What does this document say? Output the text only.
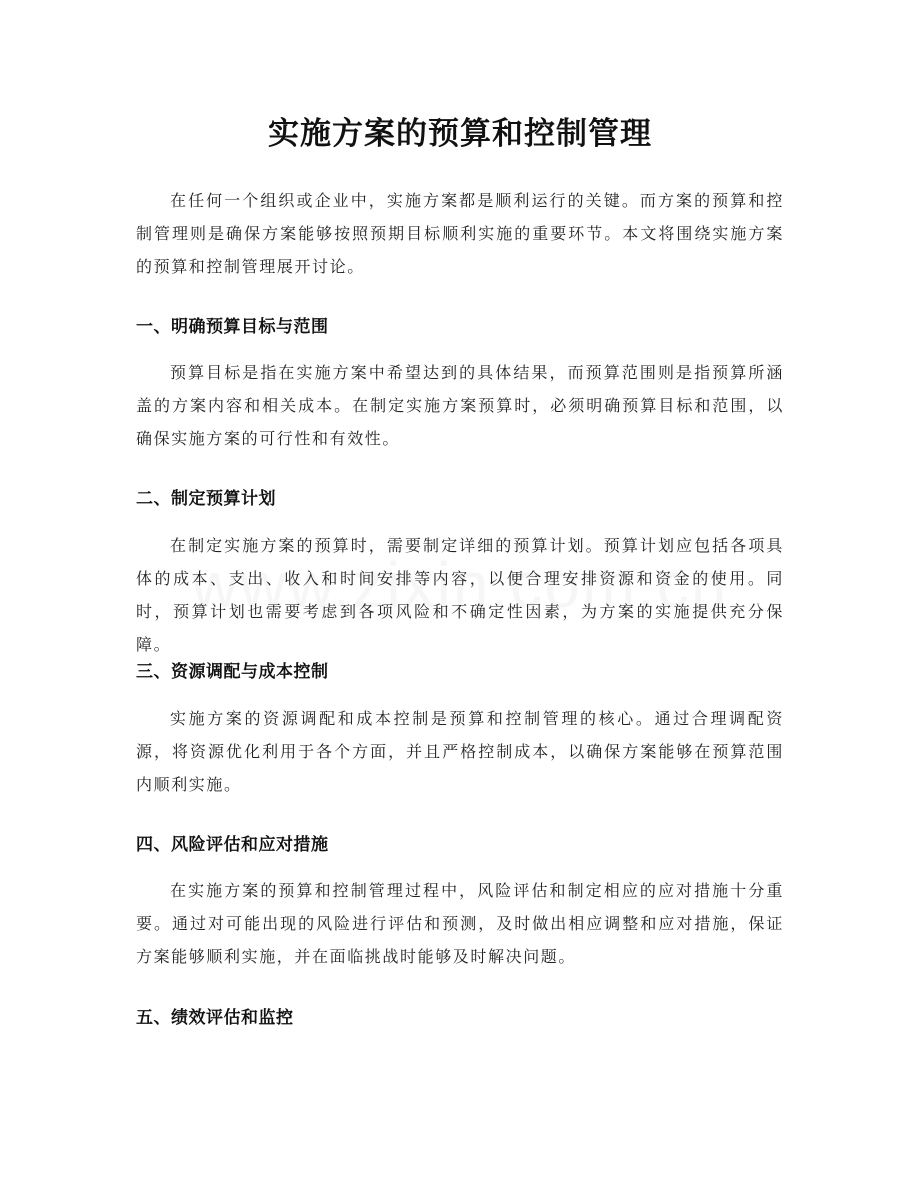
实施方案的预算和控制管理

在任何一个组织或企业中，实施方案都是顺利运行的关键。而方案的预算和控制管理则是确保方案能够按照预期目标顺利实施的重要环节。本文将围绕实施方案的预算和控制管理展开讨论。

一、明确预算目标与范围

预算目标是指在实施方案中希望达到的具体结果，而预算范围则是指预算所涵盖的方案内容和相关成本。在制定实施方案预算时，必须明确预算目标和范围，以确保实施方案的可行性和有效性。

二、制定预算计划

在制定实施方案的预算时，需要制定详细的预算计划。预算计划应包括各项具体的成本、支出、收入和时间安排等内容，以便合理安排资源和资金的使用。同时，预算计划也需要考虑到各项风险和不确定性因素，为方案的实施提供充分保障。

三、资源调配与成本控制

实施方案的资源调配和成本控制是预算和控制管理的核心。通过合理调配资源，将资源优化利用于各个方面，并且严格控制成本，以确保方案能够在预算范围内顺利实施。

四、风险评估和应对措施

在实施方案的预算和控制管理过程中，风险评估和制定相应的应对措施十分重要。通过对可能出现的风险进行评估和预测，及时做出相应调整和应对措施，保证方案能够顺利实施，并在面临挑战时能够及时解决问题。

五、绩效评估和监控
